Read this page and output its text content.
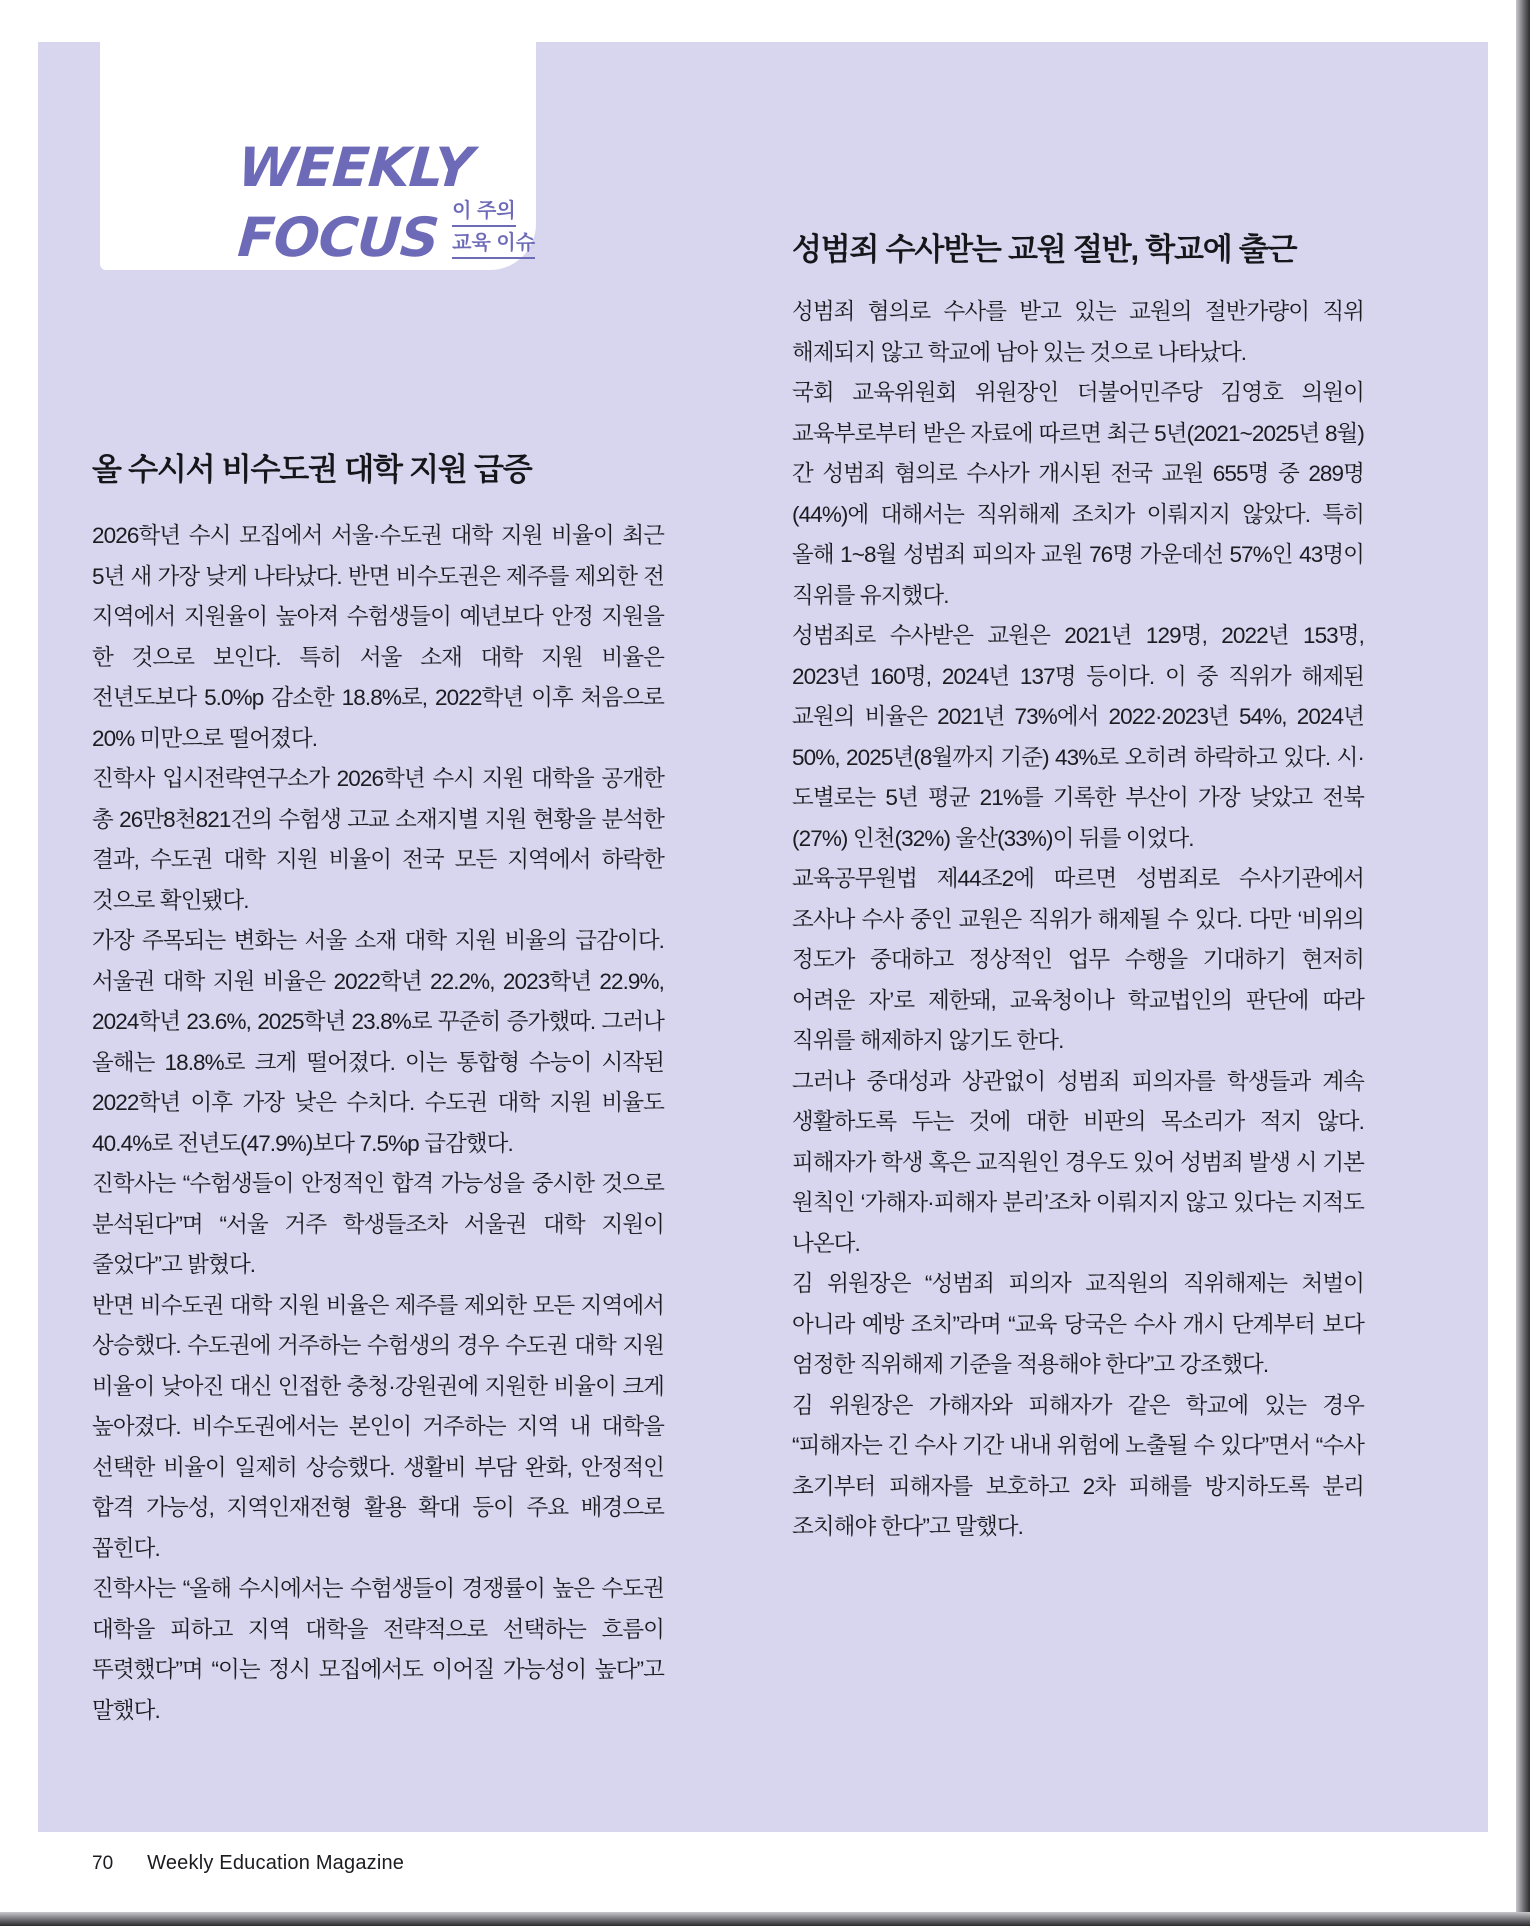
WEEKLY
FOCUS 이 주의
교육 이슈
올 수시서 비수도권 대학 지원 급증

2026학년 수시 모집에서 서울·수도권 대학 지원 비율이 최근 5년 새 가장 낮게 나타났다. 반면 비수도권은 제주를 제외한 전 지역에서 지원율이 높아져 수험생들이 예년보다 안정 지원을 한 것으로 보인다. 특히 서울 소재 대학 지원 비율은 전년도보다 5.0%p 감소한 18.8%로, 2022학년 이후 처음으로 20% 미만으로 떨어졌다.

진학사 입시전략연구소가 2026학년 수시 지원 대학을 공개한 총 26만8천821건의 수험생 고교 소재지별 지원 현황을 분석한 결과, 수도권 대학 지원 비율이 전국 모든 지역에서 하락한 것으로 확인됐다.

가장 주목되는 변화는 서울 소재 대학 지원 비율의 급감이다. 서울권 대학 지원 비율은 2022학년 22.2%, 2023학년 22.9%, 2024학년 23.6%, 2025학년 23.8%로 꾸준히 증가했따. 그러나 올해는 18.8%로 크게 떨어졌다. 이는 통합형 수능이 시작된 2022학년 이후 가장 낮은 수치다. 수도권 대학 지원 비율도 40.4%로 전년도(47.9%)보다 7.5%p 급감했다.

진학사는 “수험생들이 안정적인 합격 가능성을 중시한 것으로 분석된다”며 “서울 거주 학생들조차 서울권 대학 지원이 줄었다”고 밝혔다.

반면 비수도권 대학 지원 비율은 제주를 제외한 모든 지역에서 상승했다. 수도권에 거주하는 수험생의 경우 수도권 대학 지원 비율이 낮아진 대신 인접한 충청·강원권에 지원한 비율이 크게 높아졌다. 비수도권에서는 본인이 거주하는 지역 내 대학을 선택한 비율이 일제히 상승했다. 생활비 부담 완화, 안정적인 합격 가능성, 지역인재전형 활용 확대 등이 주요 배경으로 꼽힌다.

진학사는 “올해 수시에서는 수험생들이 경쟁률이 높은 수도권 대학을 피하고 지역 대학을 전략적으로 선택하는 흐름이 뚜렷했다”며 “이는 정시 모집에서도 이어질 가능성이 높다”고 말했다.

성범죄 수사받는 교원 절반, 학교에 출근

성범죄 혐의로 수사를 받고 있는 교원의 절반가량이 직위 해제되지 않고 학교에 남아 있는 것으로 나타났다.

국회 교육위원회 위원장인 더불어민주당 김영호 의원이 교육부로부터 받은 자료에 따르면 최근 5년(2021~2025년 8월)간 성범죄 혐의로 수사가 개시된 전국 교원 655명 중 289명(44%)에 대해서는 직위해제 조치가 이뤄지지 않았다. 특히 올해 1~8월 성범죄 피의자 교원 76명 가운데선 57%인 43명이 직위를 유지했다.

성범죄로 수사받은 교원은 2021년 129명, 2022년 153명, 2023년 160명, 2024년 137명 등이다. 이 중 직위가 해제된 교원의 비율은 2021년 73%에서 2022·2023년 54%, 2024년 50%, 2025년(8월까지 기준) 43%로 오히려 하락하고 있다. 시·도별로는 5년 평균 21%를 기록한 부산이 가장 낮았고 전북(27%) 인천(32%) 울산(33%)이 뒤를 이었다.

교육공무원법 제44조2에 따르면 성범죄로 수사기관에서 조사나 수사 중인 교원은 직위가 해제될 수 있다. 다만 ‘비위의 정도가 중대하고 정상적인 업무 수행을 기대하기 현저히 어려운 자’로 제한돼, 교육청이나 학교법인의 판단에 따라 직위를 해제하지 않기도 한다.

그러나 중대성과 상관없이 성범죄 피의자를 학생들과 계속 생활하도록 두는 것에 대한 비판의 목소리가 적지 않다. 피해자가 학생 혹은 교직원인 경우도 있어 성범죄 발생 시 기본 원칙인 ‘가해자·피해자 분리’조차 이뤄지지 않고 있다는 지적도 나온다.

김 위원장은 “성범죄 피의자 교직원의 직위해제는 처벌이 아니라 예방 조치”라며 “교육 당국은 수사 개시 단계부터 보다 엄정한 직위해제 기준을 적용해야 한다”고 강조했다.

김 위원장은 가해자와 피해자가 같은 학교에 있는 경우 “피해자는 긴 수사 기간 내내 위험에 노출될 수 있다”면서 “수사 초기부터 피해자를 보호하고 2차 피해를 방지하도록 분리 조치해야 한다”고 말했다.

70 Weekly Education Magazine
